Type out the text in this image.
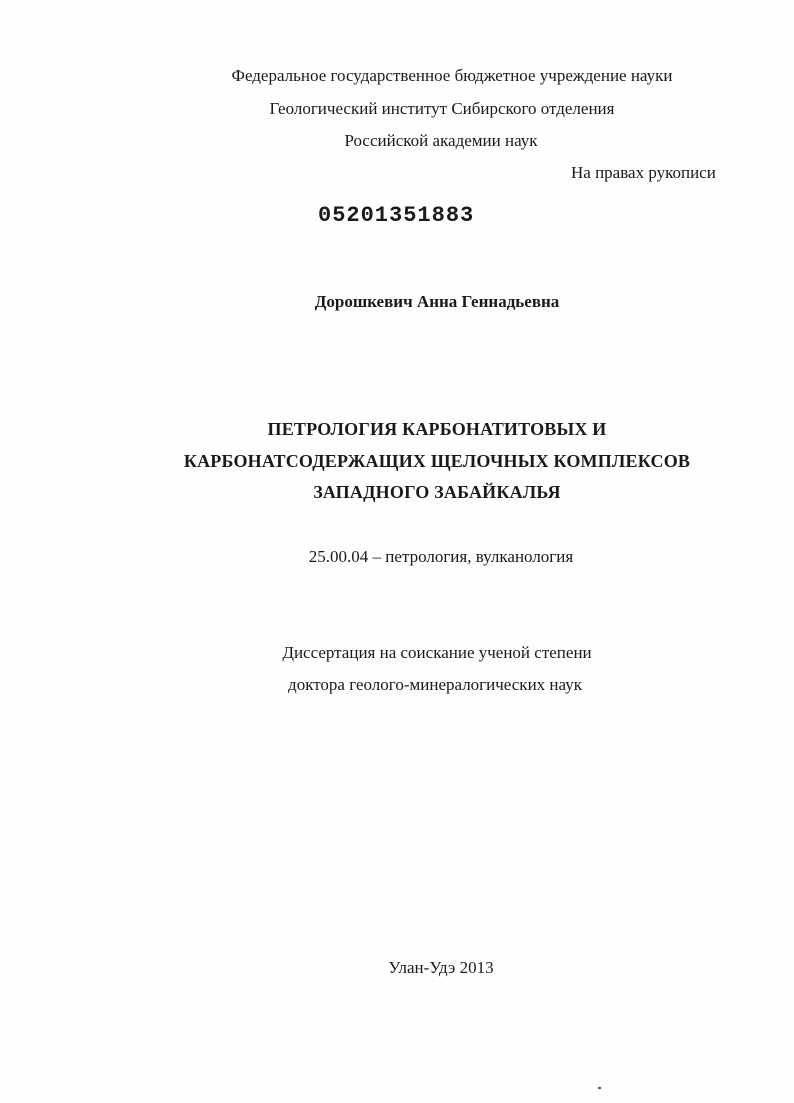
Федеральное государственное бюджетное учреждение науки
Геологический институт Сибирского отделения
Российской академии наук
На правах рукописи
05201351883
Дорошкевич Анна Геннадьевна
ПЕТРОЛОГИЯ КАРБОНАТИТОВЫХ И
КАРБОНАТСОДЕРЖАЩИХ ЩЕЛОЧНЫХ КОМПЛЕКСОВ
ЗАПАДНОГО ЗАБАЙКАЛЬЯ
25.00.04 – петрология, вулканология
Диссертация на соискание ученой степени
доктора геолого-минералогических наук
Улан-Удэ 2013
